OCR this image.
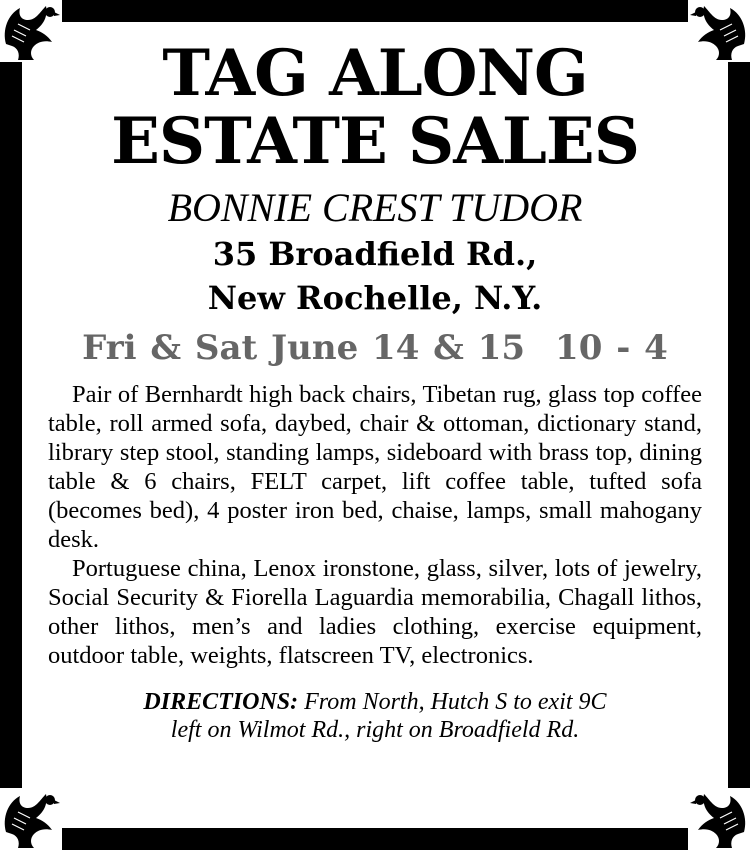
TAG ALONG
ESTATE SALES
BONNIE CREST TUDOR
35 Broadfield Rd.,
New Rochelle, N.Y.
Fri & Sat June 14 & 15 10 - 4

Pair of Bernhardt high back chairs, Tibetan rug, glass top coffee table, roll armed sofa, daybed, chair & ottoman, dictionary stand, library step stool, standing lamps, sideboard with brass top, dining table & 6 chairs, FELT carpet, lift coffee table, tufted sofa (becomes bed), 4 poster iron bed, chaise, lamps, small mahogany desk.

Portuguese china, Lenox ironstone, glass, silver, lots of jewelry, Social Security & Fiorella Laguardia memorabilia, Chagall lithos, other lithos, men’s and ladies clothing, exercise equipment, outdoor table, weights, flatscreen TV, electronics.

DIRECTIONS: From North, Hutch S to exit 9C
left on Wilmot Rd., right on Broadfield Rd.
